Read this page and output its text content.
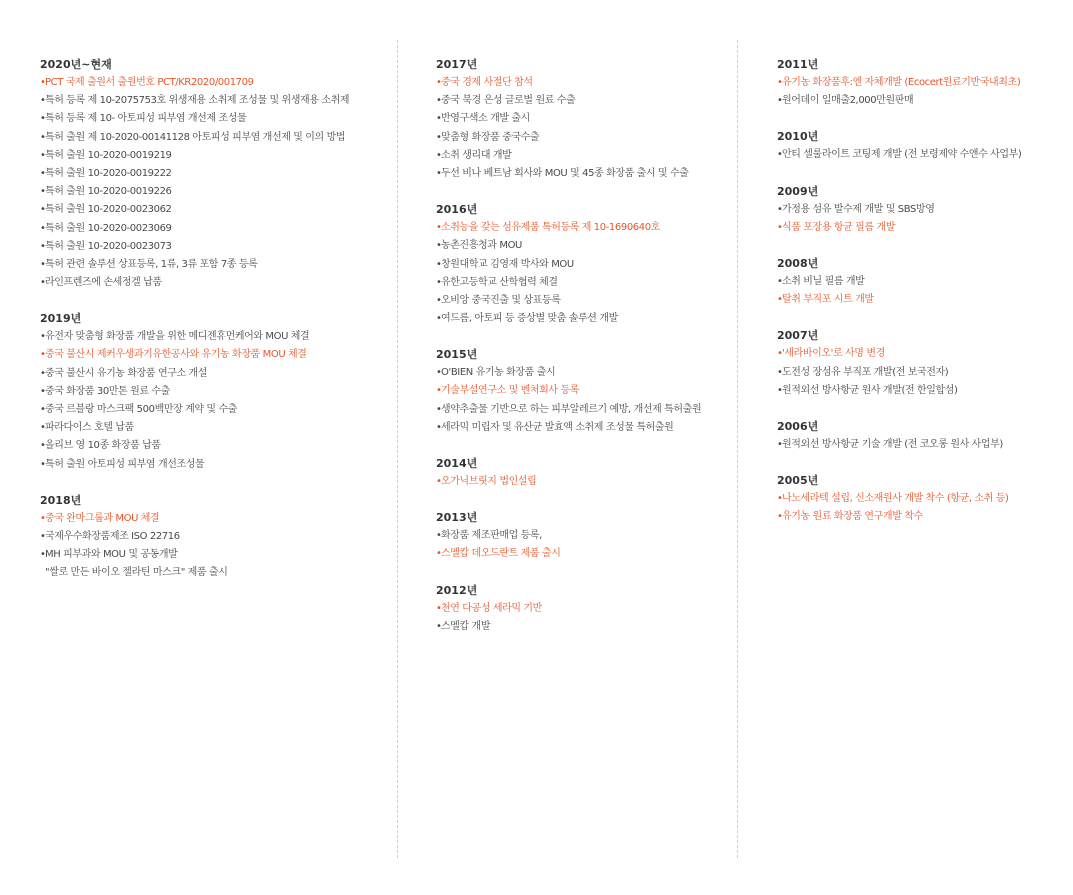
2020년~현재
•PCT 국제 출원서 출원번호 PCT/KR2020/001709
•특허 등록 제 10-2075753호 위생재용 소취제 조성물 및 위생재용 소취제
•특허 등록 제 10- 아토피성 피부염 개선제 조성물
•특허 출원 제 10-2020-00141128 아토피성 피부염 개선제 및 이의 방법
•특허 출원 10-2020-0019219
•특허 출원 10-2020-0019222
•특허 출원 10-2020-0019226
•특허 출원 10-2020-0023062
•특허 출원 10-2020-0023069
•특허 출원 10-2020-0023073
•특허 관련 솔루션 상표등록, 1류, 3류 포함 7종 등록
•라인프렌즈에 손세정겔 납품
2019년
•유전자 맞춤형 화장품 개발을 위한 메디젠휴먼케어와 MOU 체결
•중국 불산시 제커우생과기유한공사와 유기농 화장품 MOU 체결
•중국 불산시 유기농 화장품 연구소 개설
•중국 화장품 30만톤 원료 수출
•중국 르블랑 마스크팩 500백만장 계약 및 수출
•파라다이스 호텔 납품
•올리브 영 10종 화장품 납품
•특허 출원 아토피성 피부염 개선조성물
2018년
•중국 완마그룹과 MOU 체결
•국제우수화장품제조 ISO 22716
•MH 피부과와 MOU 및 공동개발
"쌀로 만든 바이오 젤라틴 마스크" 제품 출시
2017년
•중국 경제 사절단 참석
•중국 북경 은성 글로벌 원료 수출
•반영구색소 개발 출시
•맞춤형 화장품 중국수출
•소취 생리대 개발
•두선 비나 베트남 회사와 MOU 및 45종 화장품 출시 및 수출
2016년
•소취능을 갖는 섬유제품 특허등록 제 10-1690640호
•농촌진흥청과 MOU
•창원대학교 김영재 박사와 MOU
•유한고등학교 산학협력 체결
•오비앙 중국진출 및 상표등록
•여드름, 아토피 등 증상별 맞춤 솔루션 개발
2015년
•O'BIEN 유기농 화장품 출시
•기술부설연구소 및 벤처회사 등록
•생약추출물 기반으로 하는 피부알레르기 예방, 개선제 특허출원
•세라믹 미립자 및 유산균 발효액 소취제 조성물 특허출원
2014년
•오가닉브릿지 법인설립
2013년
•화장품 제조판매업 등록,
•스멜캅 데오드란트 제품 출시
2012년
•천연 다공성 세라믹 기반
•스멜캅 개발
2011년
•유기농 화장품후:엔 자체개발 (Ecocert원료기반국내최초)
•원어데이 일매출2,000만원판매
2010년
•안티 셀룰라이트 코팅제 개발 (전 보령제약 수앤수 사업부)
2009년
•가정용 섬유 발수제 개발 및 SBS방영
•식품 포장용 항균 필름 개발
2008년
•소취 비닐 필름 개발
•탈취 부직포 시트 개발
2007년
•'세라바이오'로 사명 변경
•도전성 장섬유 부직포 개발(전 보국전자)
•원적외선 방사항균 원사 개발(전 한일합섬)
2006년
•원적외선 방사항균 기술 개발 (전 코오롱 원사 사업부)
2005년
•나노세라텍 설립, 신소재원사 개발 착수 (항균, 소취 등)
•유기농 원료 화장품 연구개발 착수
